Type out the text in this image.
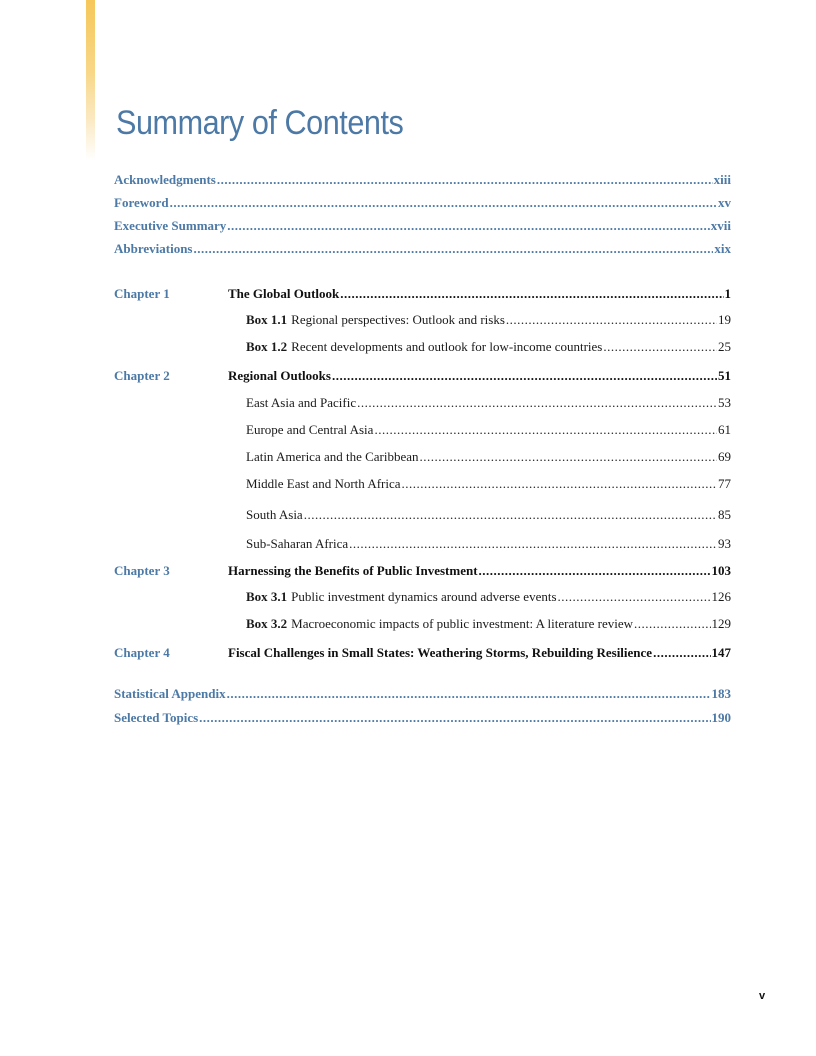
Summary of Contents
Acknowledgments .....	xiii
Foreword .....	xv
Executive Summary .....	xvii
Abbreviations .....	xix
Chapter 1	The Global Outlook .....	1
Box 1.1 Regional perspectives: Outlook and risks .....	19
Box 1.2 Recent developments and outlook for low-income countries .....	25
Chapter 2	Regional Outlooks .....	51
East Asia and Pacific .....	53
Europe and Central Asia .....	61
Latin America and the Caribbean .....	69
Middle East and North Africa .....	77
South Asia .....	85
Sub-Saharan Africa .....	93
Chapter 3	Harnessing the Benefits of Public Investment .....	103
Box 3.1 Public investment dynamics around adverse events .....	126
Box 3.2 Macroeconomic impacts of public investment: A literature review .....	129
Chapter 4	Fiscal Challenges in Small States: Weathering Storms, Rebuilding Resilience .....	147
Statistical Appendix .....	183
Selected Topics .....	190
v
